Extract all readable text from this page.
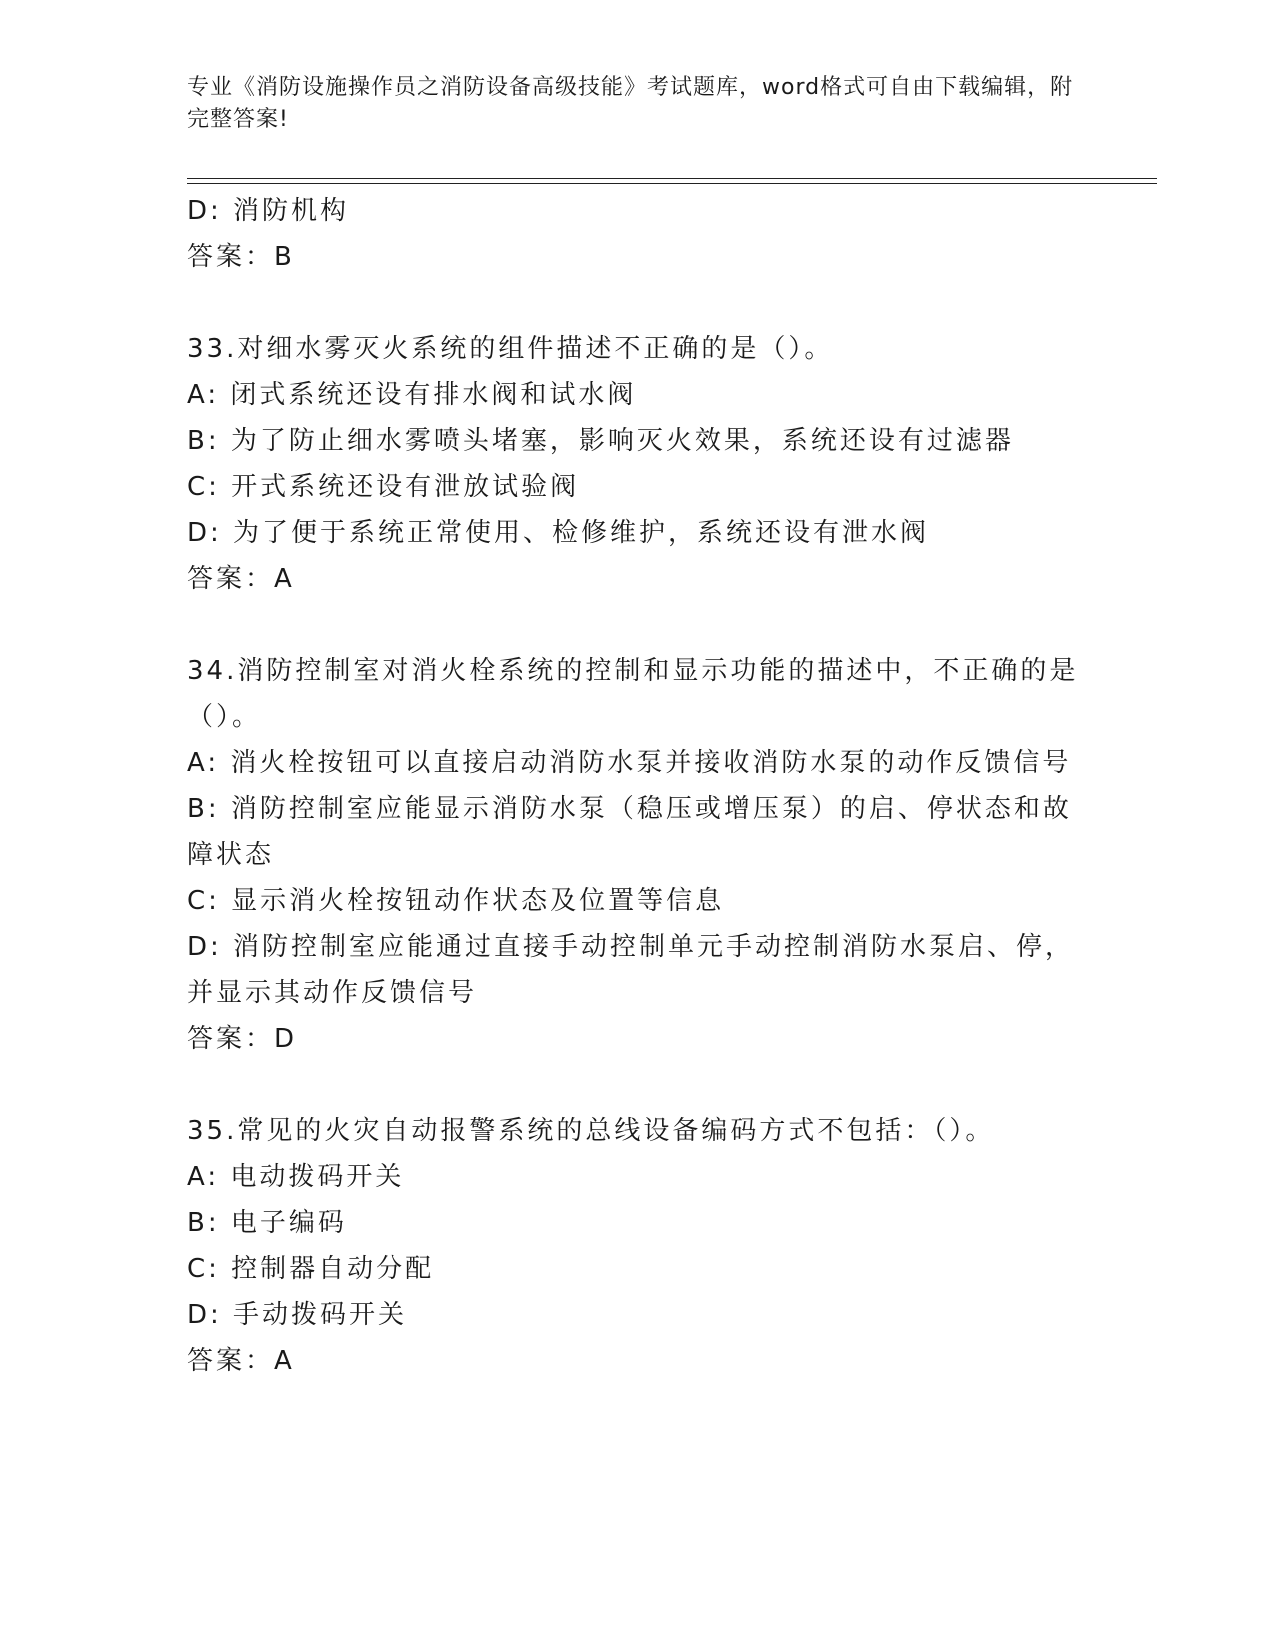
专业《消防设施操作员之消防设备高级技能》考试题库，word格式可自由下载编辑，附完整答案!
D: 消防机构
答案：B
33.对细水雾灭火系统的组件描述不正确的是（）。
A: 闭式系统还设有排水阀和试水阀
B: 为了防止细水雾喷头堵塞，影响灭火效果，系统还设有过滤器
C: 开式系统还设有泄放试验阀
D: 为了便于系统正常使用、检修维护，系统还设有泄水阀
答案：A
34.消防控制室对消火栓系统的控制和显示功能的描述中，不正确的是（）。
A: 消火栓按钮可以直接启动消防水泵并接收消防水泵的动作反馈信号
B: 消防控制室应能显示消防水泵（稳压或增压泵）的启、停状态和故障状态
C: 显示消火栓按钮动作状态及位置等信息
D: 消防控制室应能通过直接手动控制单元手动控制消防水泵启、停，并显示其动作反馈信号
答案：D
35.常见的火灾自动报警系统的总线设备编码方式不包括：（）。
A: 电动拨码开关
B: 电子编码
C: 控制器自动分配
D: 手动拨码开关
答案：A
